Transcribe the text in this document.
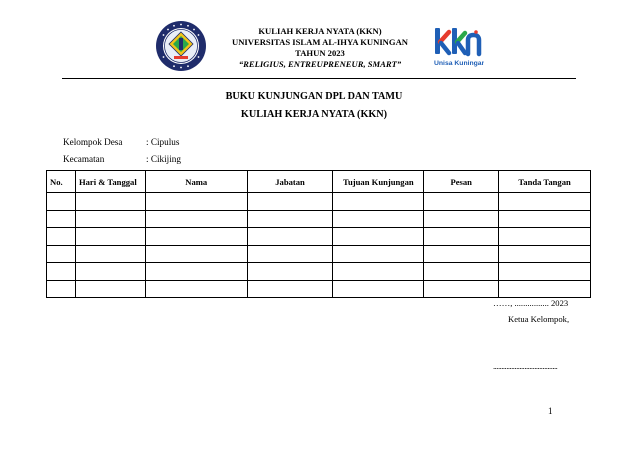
KULIAH KERJA NYATA (KKN)
UNIVERSITAS ISLAM AL-IHYA KUNINGAN
TAHUN 2023
“RELIGIUS, ENTREUPRENEUR, SMART”	Unisa Kuningan
BUKU KUNJUNGAN DPL DAN TAMU
KULIAH KERJA NYATA (KKN)
Kelompok Desa	: Cipulus
Kecamatan	: Cikijing
No.	Hari & Tanggal	Nama	Jabatan	Tujuan Kunjungan	Pesan	Tanda Tangan

……, ................ 2023
Ketua Kelompok,
.......................................
1
